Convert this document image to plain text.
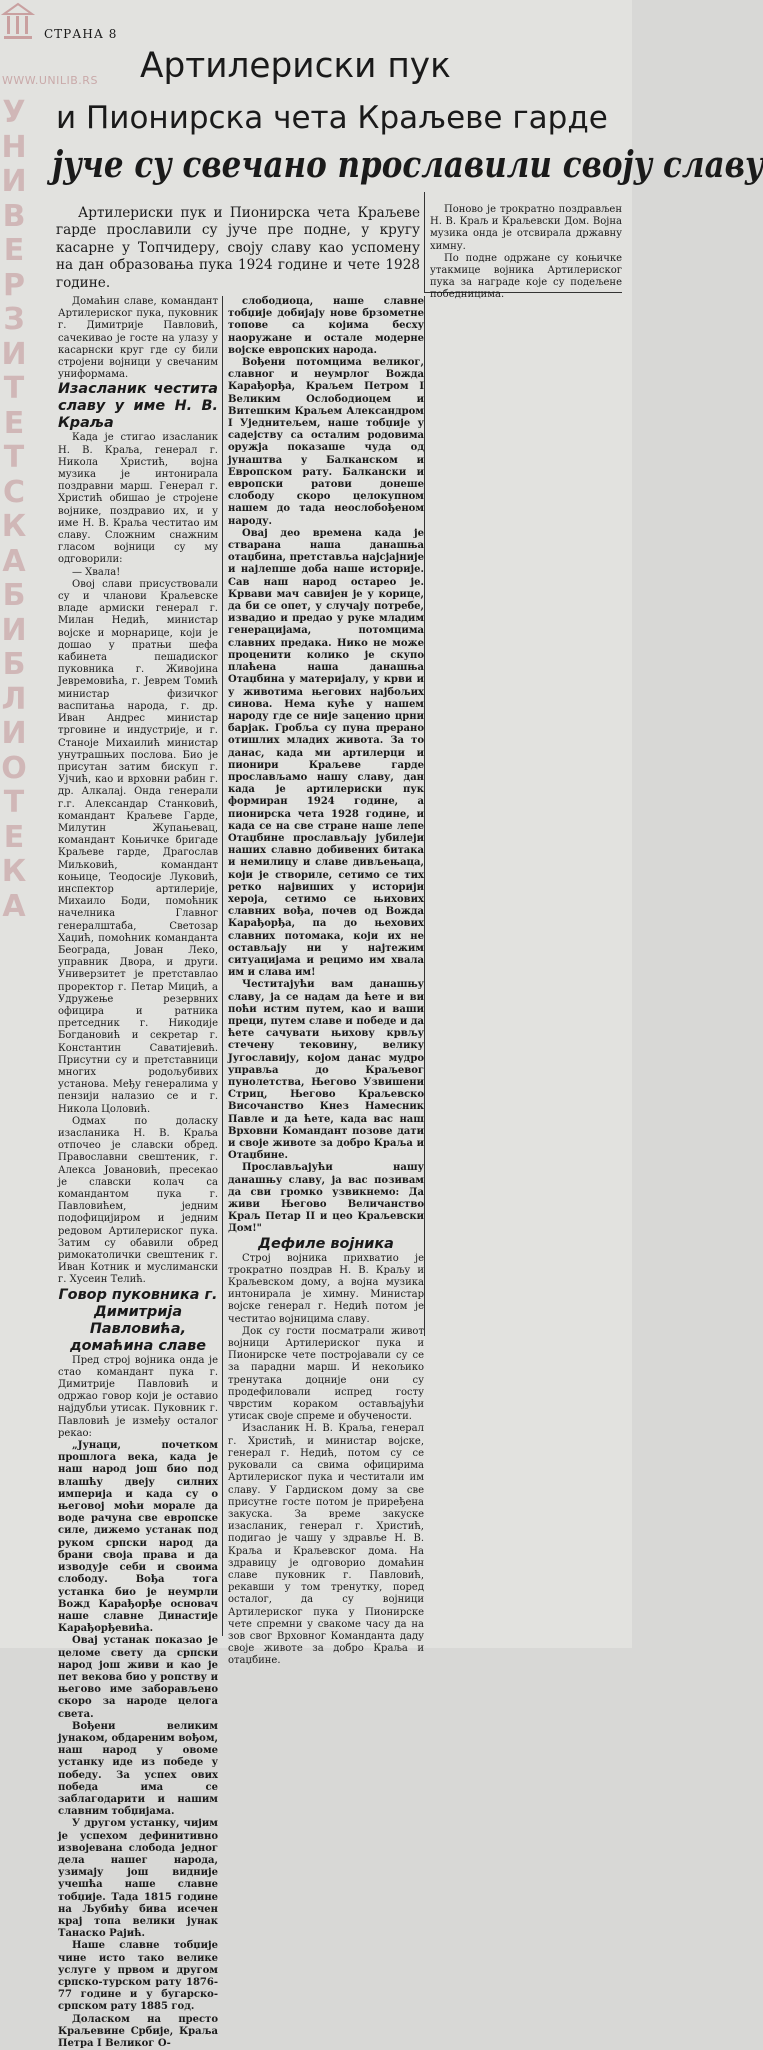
WWW.UNILIB.RS
У
Н
И
В
Е
Р
З
И
Т
Е
Т
С
К
А
Б
И
Б
Л
И
О
Т
Е
К
А
СТРАНА 8
Артилериски пук
и Пионирска чета Краљеве гарде
јуче су свечано прославили своју славу
Артилериски пук и Пионирска чета Краљеве гарде прославили су јуче пре подне, у кругу касарне у Топчидеру, своју славу као успомену на дан образовања пука 1924 године и чете 1928 године.

Поново је трократно поздрављен Н. В. Краљ и Краљевски Дом. Војна музика онда је отсвирала државну химну.

По подне одржане су коњичке утакмице војника Артилериског пука за награде које су подељене победницима.

Домаћин славе, командант Артилериског пука, пуковник г. Димитрије Павловић, сачекивао је госте на улазу у касарнски круг где су били стројени војници у свечаним униформама.

Изасланик честита славу у име Н. В. Краља

Када је стигао изасланик Н. В. Краља, генерал г. Никола Христић, војна музика је интонирала поздравни марш. Генерал г. Христић обишао је стројене војнике, поздравио их, и у име Н. В. Краља честитао им славу. Сложним снажним гласом војници су му одговорили:

— Хвала!

Овој слави присуствовали су и чланови Краљевске владе армиски генерал г. Милан Недић, министар војске и морнарице, који је дошао у пратњи шефа кабинета пешадиског пуковника г. Живојина Јевремовића, г. Јеврем Томић министар физичког васпитања народа, г. др. Иван Андрес министар трговине и индустрије, и г. Станоје Михаилић министар унутрашњих послова. Био је присутан затим бискуп г. Ујчић, као и врховни рабин г. др. Алкалај. Онда генерали г.г. Александар Станковић, командант Краљеве Гарде, Милутин Жупањевац, командант Коњичке бригаде Краљеве гарде, Драгослав Миљковић, командант коњице, Теодосије Луковић, инспектор артилерије, Михаило Боди, помоћник начелника Главног генералштаба, Светозар Хаџић, помоћник команданта Београда, Јован Леко, управник Двора, и други. Универзитет је претставлао проректор г. Петар Мицић, а Удружење резервних официра и ратника претседник г. Никодије Богдановић и секретар г. Константин Саватијевић. Присутни су и претставници многих родољубивих установа. Међу генералима у пензији налазио се и г. Никола Цоловић.

Одмах по доласку изасланика Н. В. Краља отпочео је славски обред. Православни свештеник, г. Алекса Јовановић, пресекао је славски колач са командантом пука г. Павловићем, једним подофицијиром и једним редовом Артилериског пука. Затим су обавили обред римокатолички свештеник г. Иван Котник и муслимански г. Хусеин Телић.

Говор пуковника г. Димитрија Павловића, домаћина славе

Пред строј војника онда је стао командант пука г. Димитрије Павловић и одржао говор који је оставио најдубљи утисак. Пуковник г. Павловић је између осталог рекао:

„Јунаци, почетком прошлога века, када је наш народ још био под влашћу двеју силних империја и када су о његовој моћи морале да воде рачуна све европске силе, дижемо устанак под руком српски народ да брани своја права и да изводује себи и своима слободу. Вођа тога устанка био је неумрли Вожд Карађорђе основач наше славне Династије Карађорђевића.

Овај устанак показао је целоме свету да српски народ још живи и као је пет векова био у ропству и његово име заборављено скоро за народе целога света.

Вођени великим јунаком, обдареним вођом, наш народ у овоме устанку иде из победе у победу. За успех ових победа има се заблагодарити и нашим славним тобџијама.

У другом устанку, чијим је успехом дефинитивно извојевана слобода једног дела нашег народа, узимају још видније учешћа наше славне тобџије. Тада 1815 године на Љубићу бива исечен крај топа велики јунак Танаско Рајић.

Наше славне тобџије чине исто тако велике услуге у првом и другом српско-турском рату 1876-77 године и у бугарско-српском рату 1885 год.

Доласком на престо Краљевине Србије, Краља Петра I Великог О-

слободиоца, наше славне тобџије добијају нове брзометне топове са којима бесху наоружане и остале модерне војске европских народа.

Вођени потомцима великог, славног и неумрлог Вожда Карађорђа, Краљем Петром I Великим Ослободиоцем и Витешким Краљем Александром I Уједнитељем, наше тобџије у садејству са осталим родовима оружја показаше чуда од јунаштва у Балканском и Европском рату. Балкански и европски ратови донеше слободу скоро целокупном нашем до тада неослобођеном народу.

Овај део времена када је стварана наша данашња отаџбина, претставља најсјајније и најлепше доба наше историје. Сав наш народ остарео је. Крвави мач савијен је у корице, да би се опет, у случају потребе, извадио и предао у руке младим генерацијама, потомцима славних предака. Нико не може проценити колико је скупо плаћена наша данашња Отаџбина у материјалу, у крви и у животима његових најбољих синова. Нема куће у нашем народу где се није заценио црни барјак. Гробља су пуна прерано отишлих младих живота. За то данас, када ми артилерци и пионири Краљеве гарде прослављамо нашу славу, дан када је артилериски пук формиран 1924 године, а пионирска чета 1928 године, и када се на све стране наше лепе Отаџбине прослављају јубилеји наших славно добивених битака и немилицу и славе дивљењаца, који је створиле, сетимо се тих ретко највиших у историји хероја, сетимо се њихових славних вођа, почев од Вожда Карађорђа, па до њехових славних потомака, који их не остављају ни у најтежим ситуацијама и рецимо им хвала им и слава им!

Честитајући вам данашњу славу, ја се надам да ћете и ви поћи истим путем, као и ваши преци, путем славе и победе и да ћете сачувати њихову крвљу стечену тековину, велику Југославију, којом данас мудро управља до Краљевог пунолетства, Његово Узвишени Стриц, Његово Краљевско Височанство Кнез Намесник Павле и да ћете, када вас наш Врховни Командант позове дати и своје животе за добро Краља и Отаџбине.

Прослављајући нашу данашњу славу, ја вас позивам да сви громко узвикнемо: Да живи Његово Величанство Краљ Петар II и цео Краљевски Дом!"

Дефиле војника

Строј војника прихватио је трократно поздрав Н. В. Краљу и Краљевском дому, а војна музика интонирала је химну. Министар војске генерал г. Недић потом је честитао војницима славу.

Док су гости посматрали живот војници Артилериског пука и Пионирске чете постројавали су се за парадни марш. И некољико тренутака доцније они су продефиловали испред госту чврстим кораком остављајући утисак своје спреме и обучености.

Изасланик Н. В. Краља, генерал г. Христић, и министар војске, генерал г. Недић, потом су се руковали са свима официрима Артилериског пука и честитали им славу. У Гардиском дому за све присутне госте потом је приређена закуска. За време закуске изасланик, генерал г. Христић, подигао је чашу у здравље Н. В. Краља и Краљевског дома. На здравицу је одговорио домаћин славе пуковник г. Павловић, рекавши у том тренутку, поред осталог, да су војници Артилериског пука у Пионирске чете спремни у свакоме часу да на зов свог Врховног Команданта даду своје животе за добро Краља и отаџбине.
